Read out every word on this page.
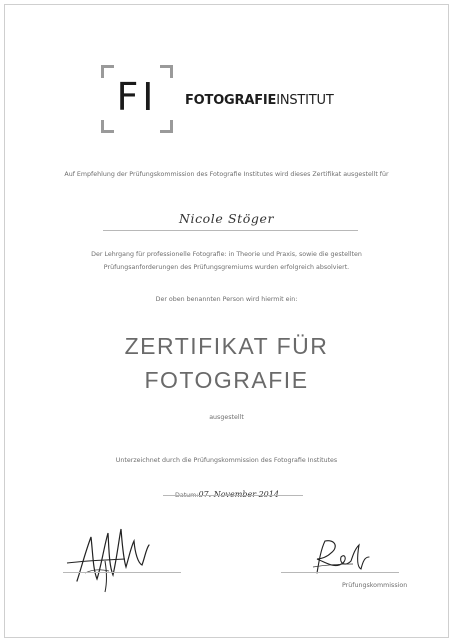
FI	FOTOGRAFIEINSTITUT
Auf Empfehlung der Prüfungskommission des Fotografie Institutes wird dieses Zertifikat ausgestellt für
Nicole Stöger
Der Lehrgang für professionelle Fotografie: in Theorie und Praxis, sowie die gestellten
Prüfungsanforderungen des Prüfungsgremiums wurden erfolgreich absolviert.
Der oben benannten Person wird hiermit ein:
ZERTIFIKAT FÜR
FOTOGRAFIE
ausgestellt
Unterzeichnet durch die Prüfungskommission des Fotografie Institutes
Prüfungskommission
